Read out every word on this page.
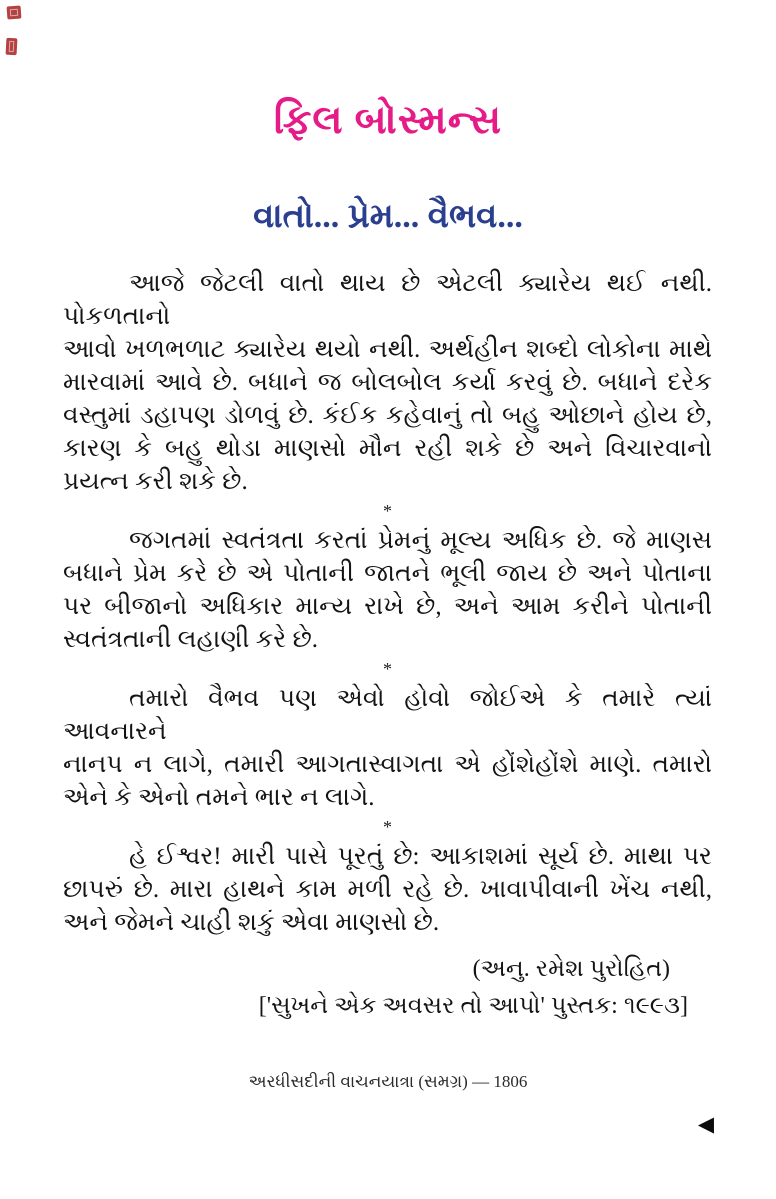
ફિલ બોસ્મન્સ
વાતો... પ્રેમ... વૈભવ...
આજે જેટલી વાતો થાય છે એટલી ક્યારેય થઈ નથી. પોકળતાનો
આવો ખળભળાટ ક્યારેય થયો નથી. અર્થહીન શબ્દો લોકોના માથે
મારવામાં આવે છે. બધાને જ બોલબોલ કર્યા કરવું છે. બધાને દરેક
વસ્તુમાં ડહાપણ ડોળવું છે. કંઈક કહેવાનું તો બહુ ઓછાને હોય છે,
કારણ કે બહુ થોડા માણસો મૌન રહી શકે છે અને વિચારવાનો
પ્રયત્ન કરી શકે છે.
*
જગતમાં સ્વતંત્રતા કરતાં પ્રેમનું મૂલ્ય અધિક છે. જે માણસ
બધાને પ્રેમ કરે છે એ પોતાની જાતને ભૂલી જાય છે અને પોતાના
પર બીજાનો અધિકાર માન્ય રાખે છે, અને આમ કરીને પોતાની
સ્વતંત્રતાની લહાણી કરે છે.
*
તમારો વૈભવ પણ એવો હોવો જોઈએ કે તમારે ત્યાં આવનારને
નાનપ ન લાગે, તમારી આગતાસ્વાગતા એ હોંશેહોંશે માણે. તમારો
એને કે એનો તમને ભાર ન લાગે.
*
હે ઈશ્વર! મારી પાસે પૂરતું છે: આકાશમાં સૂર્ય છે. માથા પર
છાપરું છે. મારા હાથને કામ મળી રહે છે. ખાવાપીવાની ખેંચ નથી,
અને જેમને ચાહી શકું એવા માણસો છે.
(અનુ. રમેશ પુરોહિત)
['સુખને એક અવસર તો આપો' પુસ્તક: ૧૯૯૩]
અરધીસદીની વાચનયાત્રા (સમગ્ર) — 1806
◀
